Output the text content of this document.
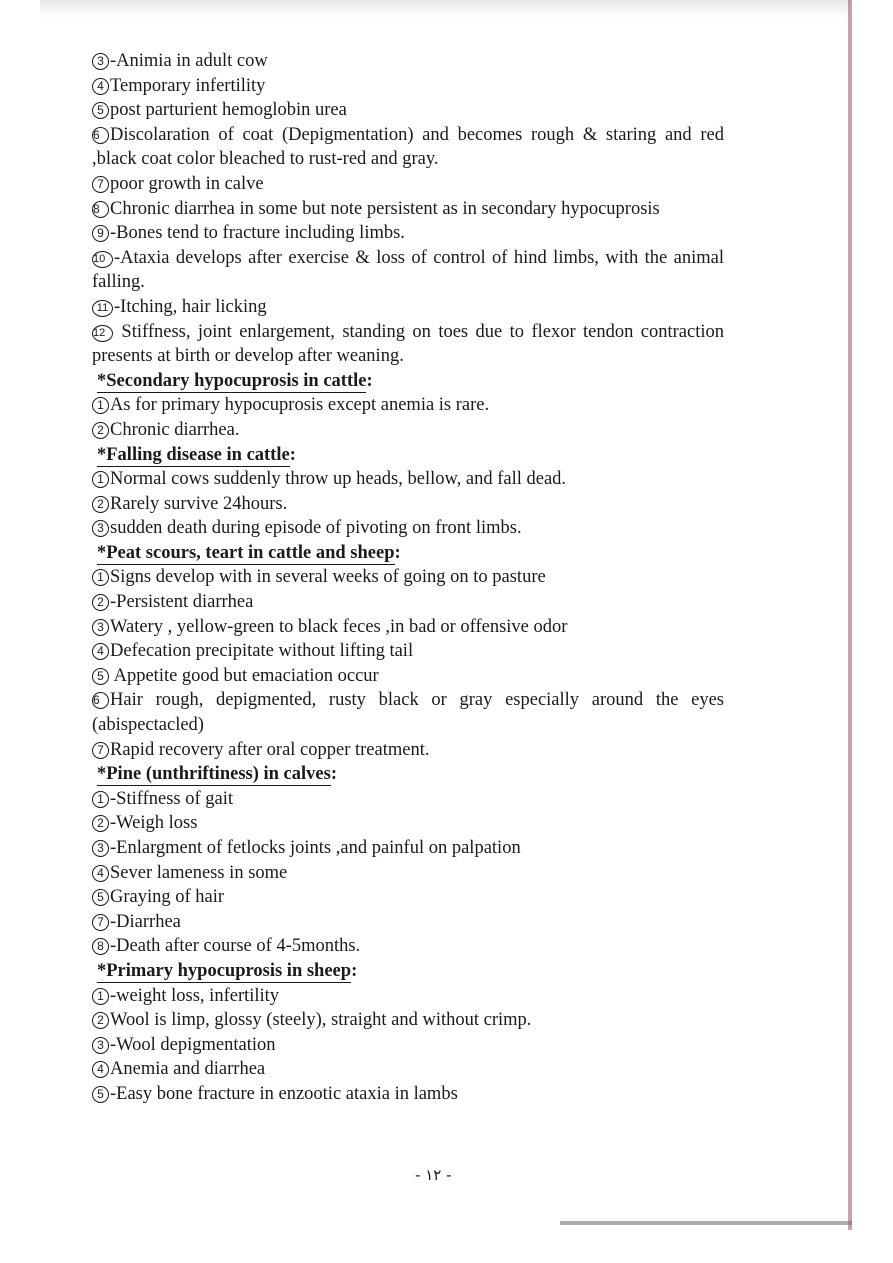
3 -Animia in adult cow
4 Temporary infertility
5 post parturient hemoglobin urea
6 Discolaration of coat (Depigmentation) and becomes rough & staring and red ,black coat color bleached to rust-red and gray.
7 poor growth in calve
8 Chronic diarrhea in some but note persistent as in secondary hypocuprosis
9 -Bones tend to fracture including limbs.
10 -Ataxia develops after exercise & loss of control of hind limbs, with the animal falling.
11 -Itching, hair licking
12 Stiffness, joint enlargement, standing on toes due to flexor tendon contraction presents at birth or develop after weaning.
*Secondary hypocuprosis in cattle:
1 As for primary hypocuprosis except anemia is rare.
2 Chronic diarrhea.
*Falling disease in cattle:
1 Normal cows suddenly throw up heads, bellow, and fall dead.
2 Rarely survive 24hours.
3 sudden death during episode of pivoting on front limbs.
*Peat scours, teart in cattle and sheep:
1 Signs develop with in several weeks of going on to pasture
2 -Persistent diarrhea
3 Watery , yellow-green to black feces ,in bad or offensive odor
4 Defecation precipitate without lifting tail
5 Appetite good but emaciation occur
6 Hair rough, depigmented, rusty black or gray especially around the eyes (abispectacled)
7 Rapid recovery after oral copper treatment.
*Pine (unthriftiness) in calves:
1 -Stiffness of gait
2 -Weigh loss
3 -Enlargment of fetlocks joints ,and painful on palpation
4 Sever lameness in some
5 Graying of hair
7 -Diarrhea
8 -Death after course of 4-5months.
*Primary hypocuprosis in sheep:
1 -weight loss, infertility
2 Wool is limp, glossy (steely), straight and without crimp.
3 -Wool depigmentation
4 Anemia and diarrhea
5 -Easy bone fracture in enzootic ataxia in lambs
- ١٢ -
